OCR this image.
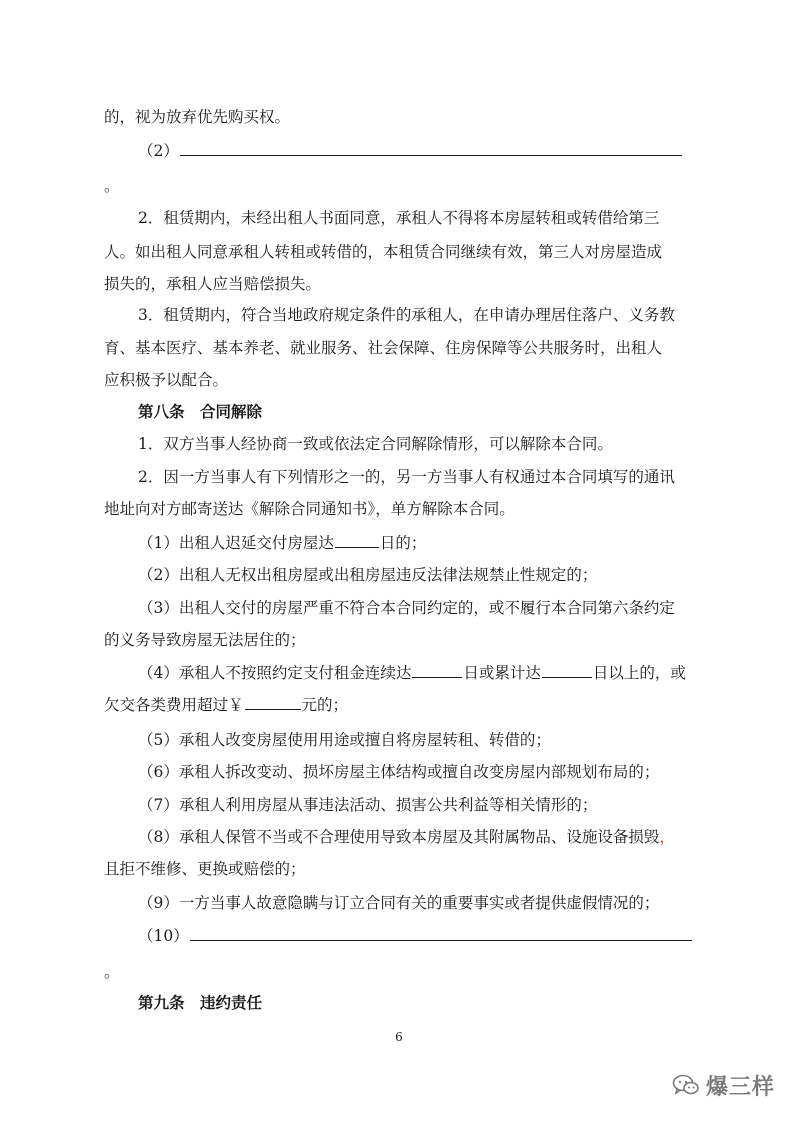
的，视为放弃优先购买权。
（2）
。
2．租赁期内，未经出租人书面同意，承租人不得将本房屋转租或转借给第三
人。如出租人同意承租人转租或转借的，本租赁合同继续有效，第三人对房屋造成
损失的，承租人应当赔偿损失。
3．租赁期内，符合当地政府规定条件的承租人，在申请办理居住落户、义务教
育、基本医疗、基本养老、就业服务、社会保障、住房保障等公共服务时，出租人
应积极予以配合。
第八条　合同解除
1．双方当事人经协商一致或依法定合同解除情形，可以解除本合同。
2．因一方当事人有下列情形之一的，另一方当事人有权通过本合同填写的通讯
地址向对方邮寄送达《解除合同通知书》，单方解除本合同。
（1）出租人迟延交付房屋达	日的；
（2）出租人无权出租房屋或出租房屋违反法律法规禁止性规定的；
（3）出租人交付的房屋严重不符合本合同约定的，或不履行本合同第六条约定
的义务导致房屋无法居住的；
（4）承租人不按照约定支付租金连续达	日或累计达	日以上的，或
欠交各类费用超过￥	元的；
（5）承租人改变房屋使用用途或擅自将房屋转租、转借的；
（6）承租人拆改变动、损坏房屋主体结构或擅自改变房屋内部规划布局的；
（7）承租人利用房屋从事违法活动、损害公共利益等相关情形的；
（8）承租人保管不当或不合理使用导致本房屋及其附属物品、设施设备损毁，
且拒不维修、更换或赔偿的；
（9）一方当事人故意隐瞒与订立合同有关的重要事实或者提供虚假情况的；
（10）
。
第九条　违约责任
6
爆三样
